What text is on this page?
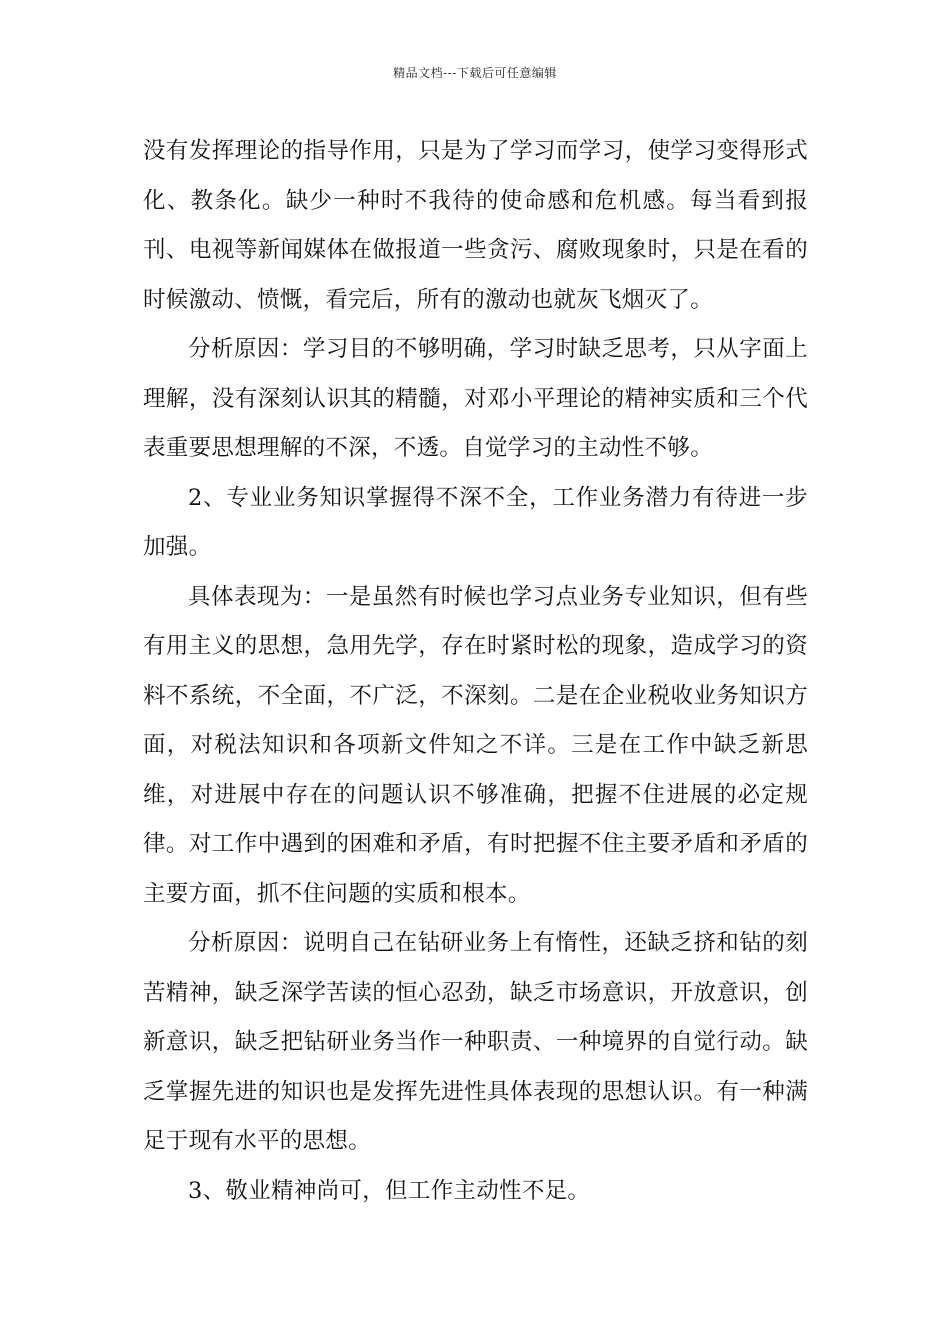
精品文档---下载后可任意编辑

没有发挥理论的指导作用，只是为了学习而学习，使学习变得形式化、教条化。缺少一种时不我待的使命感和危机感。每当看到报刊、电视等新闻媒体在做报道一些贪污、腐败现象时，只是在看的时候激动、愤慨，看完后，所有的激动也就灰飞烟灭了。

分析原因：学习目的不够明确，学习时缺乏思考，只从字面上理解，没有深刻认识其的精髓，对邓小平理论的精神实质和三个代表重要思想理解的不深，不透。自觉学习的主动性不够。

2、专业业务知识掌握得不深不全，工作业务潜力有待进一步加强。

具体表现为：一是虽然有时候也学习点业务专业知识，但有些有用主义的思想，急用先学，存在时紧时松的现象，造成学习的资料不系统，不全面，不广泛，不深刻。二是在企业税收业务知识方面，对税法知识和各项新文件知之不详。三是在工作中缺乏新思维，对进展中存在的问题认识不够准确，把握不住进展的必定规律。对工作中遇到的困难和矛盾，有时把握不住主要矛盾和矛盾的主要方面，抓不住问题的实质和根本。

分析原因：说明自己在钻研业务上有惰性，还缺乏挤和钻的刻苦精神，缺乏深学苦读的恒心忍劲，缺乏市场意识，开放意识，创新意识，缺乏把钻研业务当作一种职责、一种境界的自觉行动。缺乏掌握先进的知识也是发挥先进性具体表现的思想认识。有一种满足于现有水平的思想。

3、敬业精神尚可，但工作主动性不足。
